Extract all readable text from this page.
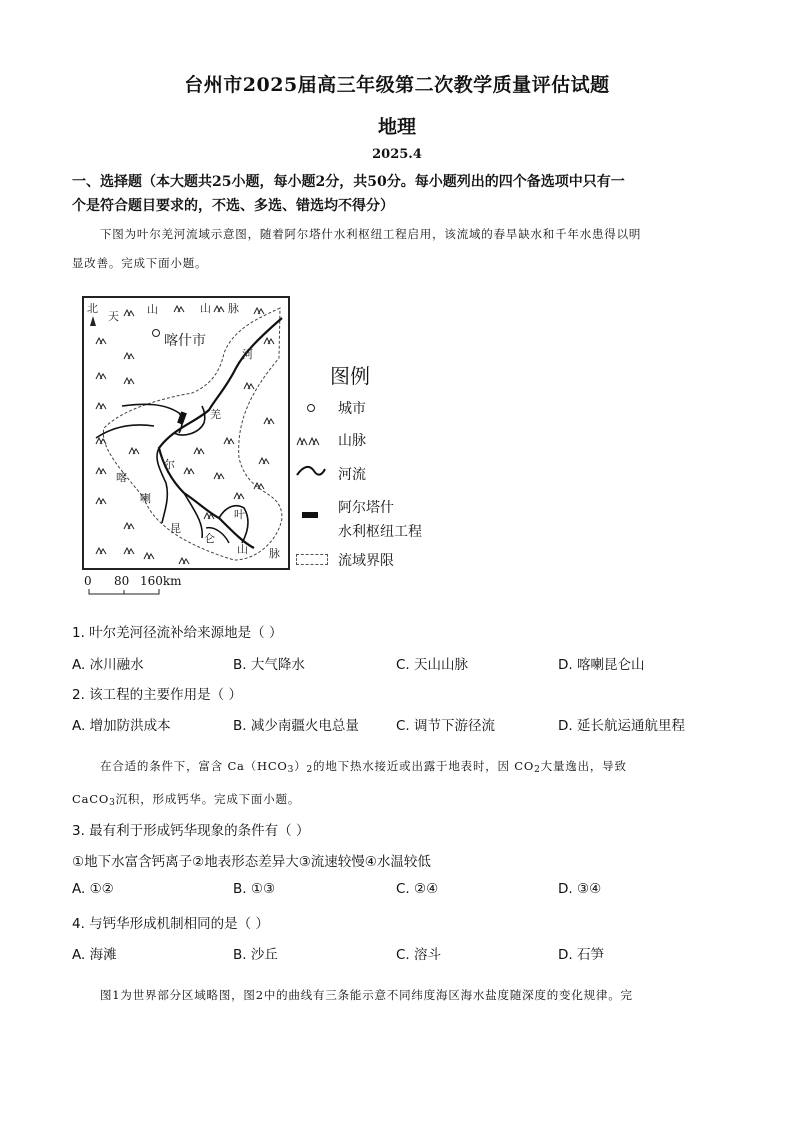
台州市2025届高三年级第二次教学质量评估试题
地理
2025.4
一、选择题（本大题共25小题，每小题2分，共50分。每小题列出的四个备选项中只有一
个是符合题目要求的，不选、多选、错选均不得分）
下图为叶尔羌河流域示意图，随着阿尔塔什水利枢纽工程启用，该流域的春旱缺水和千年水患得以明
显改善。完成下面小题。
北
喀什市
天
山	山 脉
河
羌
尔
喀
喇
昆
仑
叶
山 脉
图例
城市
山脉
河流
阿尔塔什
水利枢纽工程
流域界限
0 80 160km
1. 叶尔羌河径流补给来源地是（ ）
A. 冰川融水	B. 大气降水	C. 天山山脉	D. 喀喇昆仑山
2. 该工程的主要作用是（ ）
A. 增加防洪成本	B. 减少南疆火电总量	C. 调节下游径流	D. 延长航运通航里程
在合适的条件下，富含 $Ca(HCO_3)_2$的地下热水接近或出露于地表时，因 $CO_2$大量逸出，导致
CaCO$_3$沉积，形成钙华。完成下面小题。
3. 最有利于形成钙华现象的条件有（ ）
①地下水富含钙离子②地表形态差异大③流速较慢④水温较低
A. ①②	B. ①③	C. ②④	D. ③④
4. 与钙华形成机制相同的是（ ）
A. 海滩	B. 沙丘	C. 溶斗	D. 石笋
图1为世界部分区域略图，图2中的曲线有三条能示意不同纬度海区海水盐度随深度的变化规律。完
